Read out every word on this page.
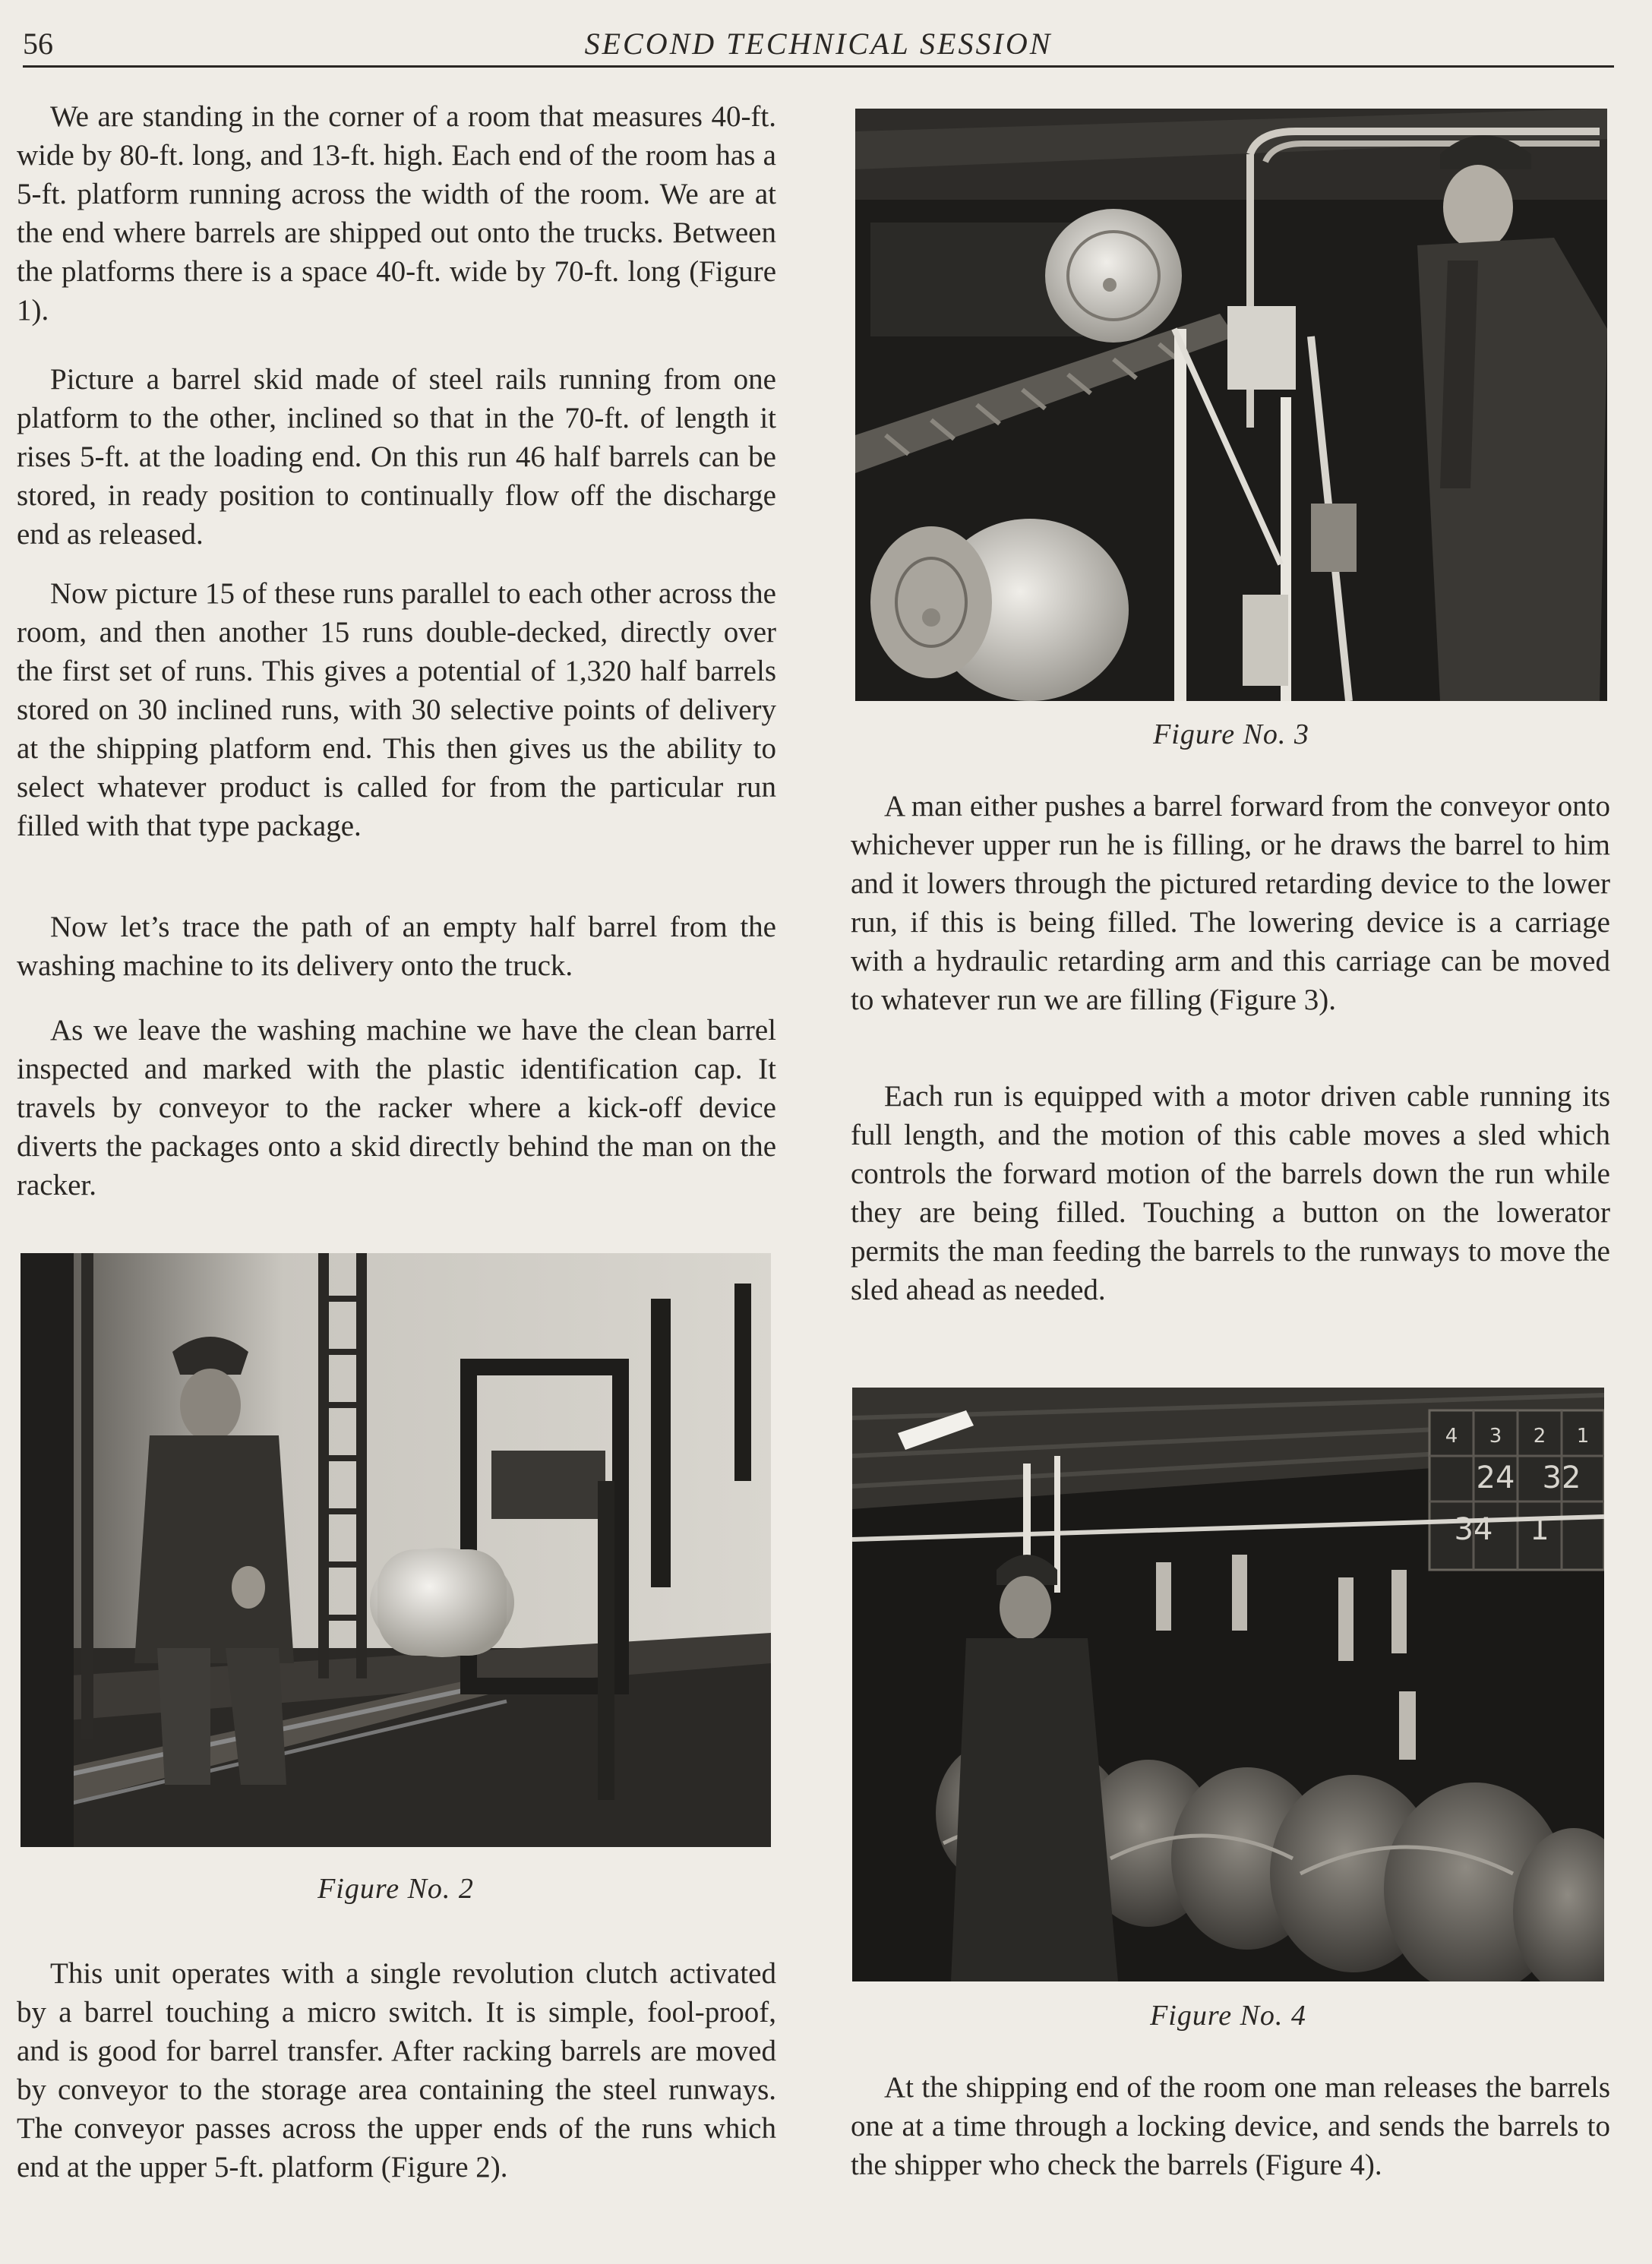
56	SECOND TECHNICAL SESSION

We are standing in the corner of a room that measures 40-ft. wide by 80-ft. long, and 13-ft. high. Each end of the room has a 5-ft. platform running across the width of the room. We are at the end where barrels are shipped out onto the trucks. Between the platforms there is a space 40-ft. wide by 70-ft. long (Figure 1).

Picture a barrel skid made of steel rails running from one platform to the other, inclined so that in the 70-ft. of length it rises 5-ft. at the loading end. On this run 46 half barrels can be stored, in ready position to continually flow off the discharge end as released.

Now picture 15 of these runs parallel to each other across the room, and then another 15 runs double-decked, directly over the first set of runs. This gives a potential of 1,320 half barrels stored on 30 inclined runs, with 30 selective points of delivery at the shipping platform end. This then gives us the ability to select whatever product is called for from the particular run filled with that type package.

Now let’s trace the path of an empty half barrel from the washing machine to its delivery onto the truck.

As we leave the washing machine we have the clean barrel inspected and marked with the plastic identification cap. It travels by conveyor to the racker where a kick-off device diverts the packages onto a skid directly behind the man on the racker.

Figure No. 2

This unit operates with a single revolution clutch activated by a barrel touching a micro switch. It is simple, fool-proof, and is good for barrel transfer. After racking barrels are moved by conveyor to the storage area containing the steel runways. The conveyor passes across the upper ends of the runs which end at the upper 5-ft. platform (Figure 2).

Figure No. 3

A man either pushes a barrel forward from the conveyor onto whichever upper run he is filling, or he draws the barrel to him and it lowers through the pictured retarding device to the lower run, if this is being filled. The lowering device is a carriage with a hydraulic retarding arm and this carriage can be moved to whatever run we are filling (Figure 3).

Each run is equipped with a motor driven cable running its full length, and the motion of this cable moves a sled which controls the forward motion of the barrels down the run while they are being filled. Touching a button on the lowerator permits the man feeding the barrels to the runways to move the sled ahead as needed.

4 3 2 1
24 32
34 1
Figure No. 4

At the shipping end of the room one man releases the barrels one at a time through a locking device, and sends the barrels to the shipper who check the barrels (Figure 4).
